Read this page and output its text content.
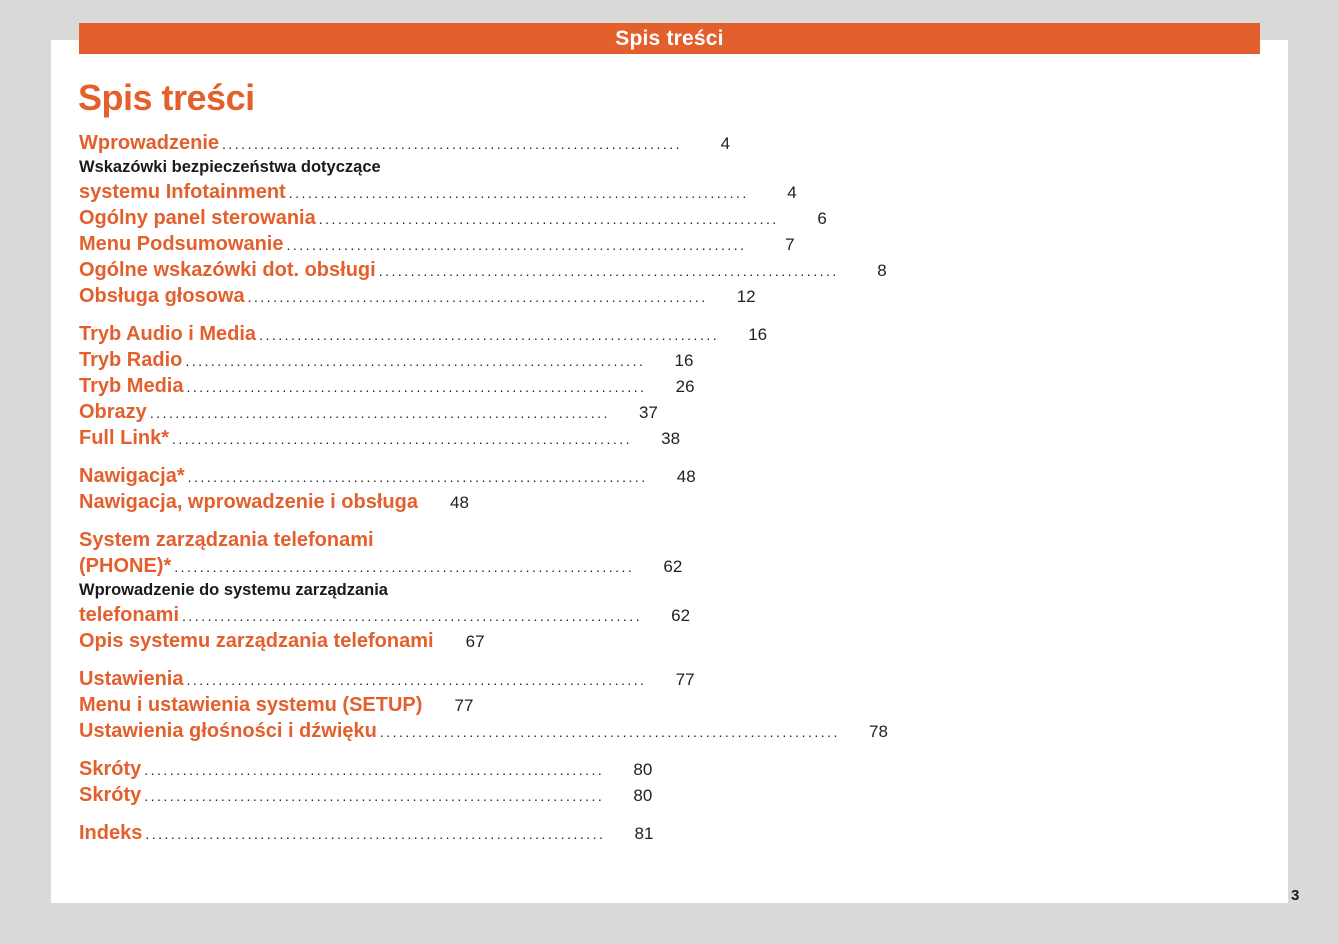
Spis treści
Spis treści
Wprowadzenie ........................................................................	4
Wskazówki bezpieczeństwa dotyczące
systemu Infotainment ........................................................................	4
Ogólny panel sterowania ........................................................................	6
Menu Podsumowanie ........................................................................	7
Ogólne wskazówki dot. obsługi ........................................................................	8
Obsługa głosowa ........................................................................	12
Tryb Audio i Media ........................................................................	16
Tryb Radio ........................................................................	16
Tryb Media ........................................................................	26
Obrazy ........................................................................	37
Full Link* ........................................................................	38
Nawigacja* ........................................................................	48
Nawigacja, wprowadzenie i obsługa	48
System zarządzania telefonami
(PHONE)* ........................................................................	62
Wprowadzenie do systemu zarządzania
telefonami ........................................................................	62
Opis systemu zarządzania telefonami	67
Ustawienia ........................................................................	77
Menu i ustawienia systemu (SETUP)	77
Ustawienia głośności i dźwięku ........................................................................	78
Skróty ........................................................................	80
Skróty ........................................................................	80
Indeks ........................................................................	81
3
